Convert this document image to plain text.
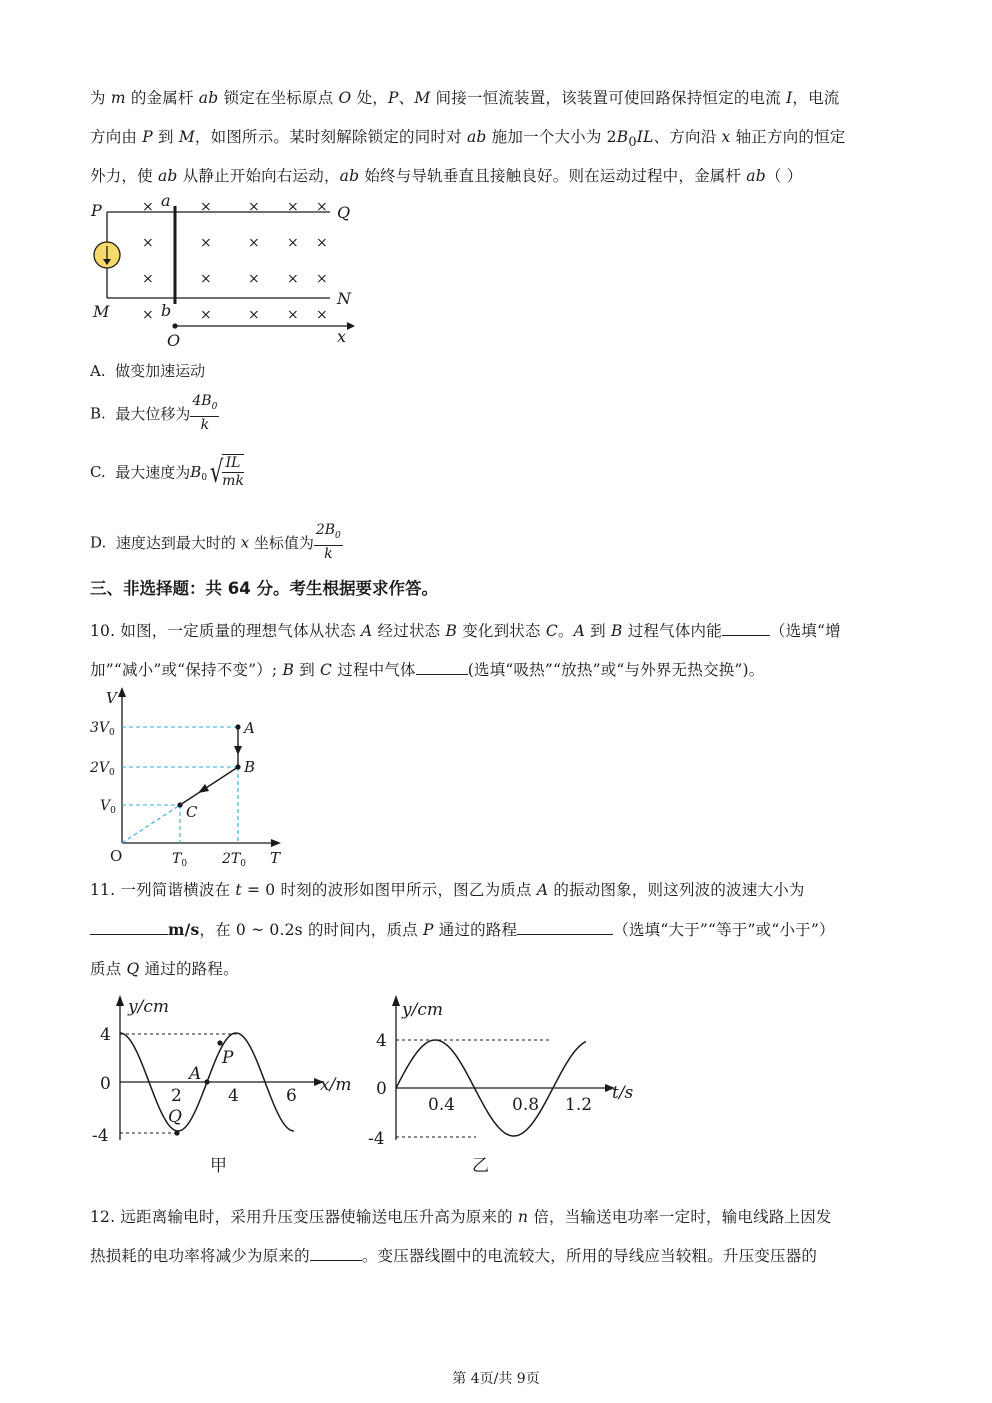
为 m 的金属杆 ab 锁定在坐标原点 O 处，P、M 间接一恒流装置，该装置可使回路保持恒定的电流 I，电流
方向由 P 到 M，如图所示。某时刻解除锁定的同时对 ab 施加一个大小为 $2B_0IL$、方向沿 x 轴正方向的恒定
外力，使 ab 从静止开始向右运动，ab 始终与导轨垂直且接触良好。则在运动过程中，金属杆 ab（ ）
P	Q
M
N
a
b
O	x
×	×	× × ×
×	×	× × ×
×	×	× × ×
×	×	× × ×
A. 做变加速运动
B. 最大位移为 $\frac{4B_0}{k}$
C. 最大速度为$B_0√$
$\frac{IL}{mk}$
D. 速度达到最大时的 x 坐标值为 $\frac{2B_0}{k}$
三、非选择题：共 64 分。考生根据要求作答。
10. 如图，一定质量的理想气体从状态 A 经过状态 B 变化到状态 C。A 到 B 过程气体内能	（选填“增
加”“减小”或“保持不变”）; B 到 C 过程中气体	(选填“吸热”“放热”或“与外界无热交换”)。
V
T
O
A
B
C
$3V_0$
$2V_0$
$V_0$
$T_0$ $2T_0$
11. 一列简谐横波在 t = 0 时刻的波形如图甲所示，图乙为质点 A 的振动图象，则这列波的波速大小为
m/s，在 0 ~ 0.2s 的时间内，质点 P 通过的路程	（选填“大于”“等于”或“小于”）
质点 Q 通过的路程。
y/cm
x/m
4
0
-4
2	4	6
P
A
Q
甲
y/cm
t/s
4
0
-4
0.4	0.8 1.2
乙
12. 远距离输电时，采用升压变压器使输送电压升高为原来的 n 倍，当输送电功率一定时，输电线路上因发
热损耗的电功率将减少为原来的	。变压器线圈中的电流较大，所用的导线应当较粗。升压变压器的
第 4页/共 9页
